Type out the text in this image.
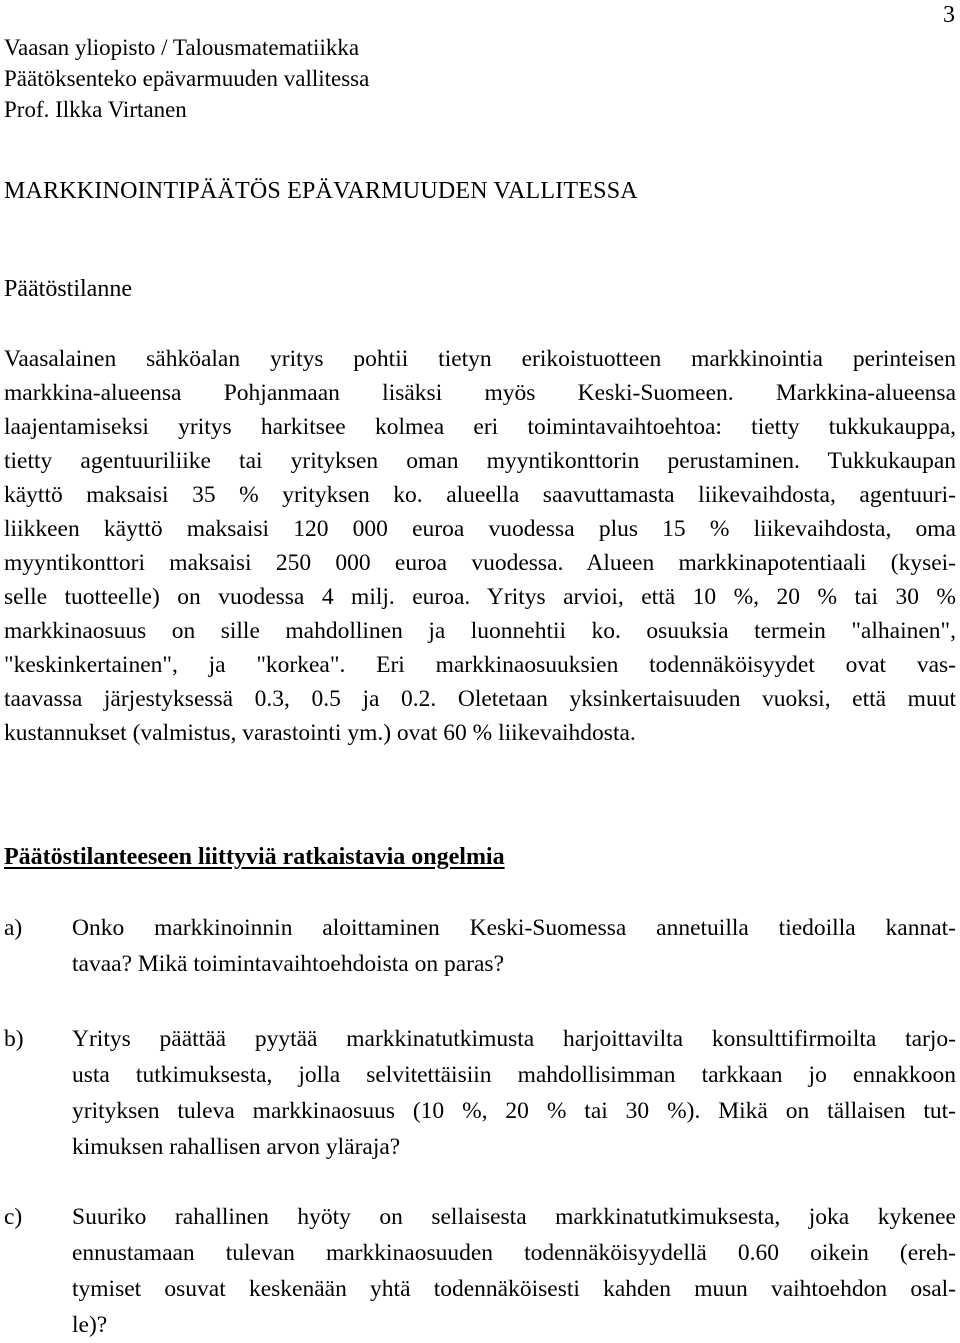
3
Vaasan yliopisto / Talousmatematiikka
Päätöksenteko epävarmuuden vallitessa
Prof. Ilkka Virtanen
MARKKINOINTIPÄÄTÖS EPÄVARMUUDEN VALLITESSA
Päätöstilanne
Vaasalainen sähköalan yritys pohtii tietyn erikoistuotteen markkinointia perinteisen
markkina-alueensa Pohjanmaan lisäksi myös Keski-Suomeen. Markkina-alueensa
laajentamiseksi yritys harkitsee kolmea eri toimintavaihtoehtoa: tietty tukkukauppa,
tietty agentuuriliike tai yrityksen oman myyntikonttorin perustaminen. Tukkukaupan
käyttö maksaisi 35 % yrityksen ko. alueella saavuttamasta liikevaihdosta, agentuuri-
liikkeen käyttö maksaisi 120 000 euroa vuodessa plus 15 % liikevaihdosta, oma
myyntikonttori maksaisi 250 000 euroa vuodessa. Alueen markkinapotentiaali (kysei-
selle tuotteelle) on vuodessa 4 milj. euroa. Yritys arvioi, että 10 %, 20 % tai 30 %
markkinaosuus on sille mahdollinen ja luonnehtii ko. osuuksia termein "alhainen",
"keskinkertainen", ja "korkea". Eri markkinaosuuksien todennäköisyydet ovat vas-
taavassa järjestyksessä 0.3, 0.5 ja 0.2. Oletetaan yksinkertaisuuden vuoksi, että muut
kustannukset (valmistus, varastointi ym.) ovat 60 % liikevaihdosta.
Päätöstilanteeseen liittyviä ratkaistavia ongelmia
a) Onko markkinoinnin aloittaminen Keski-Suomessa annetuilla tiedoilla kannat-
tavaa? Mikä toimintavaihtoehdoista on paras?
b) Yritys päättää pyytää markkinatutkimusta harjoittavilta konsulttifirmoilta tarjo-
usta tutkimuksesta, jolla selvitettäisiin mahdollisimman tarkkaan jo ennakkoon
yrityksen tuleva markkinaosuus (10 %, 20 % tai 30 %). Mikä on tällaisen tut-
kimuksen rahallisen arvon yläraja?
c) Suuriko rahallinen hyöty on sellaisesta markkinatutkimuksesta, joka kykenee
ennustamaan tulevan markkinaosuuden todennäköisyydellä 0.60 oikein (ereh-
tymiset osuvat keskenään yhtä todennäköisesti kahden muun vaihtoehdon osal-
le)?
